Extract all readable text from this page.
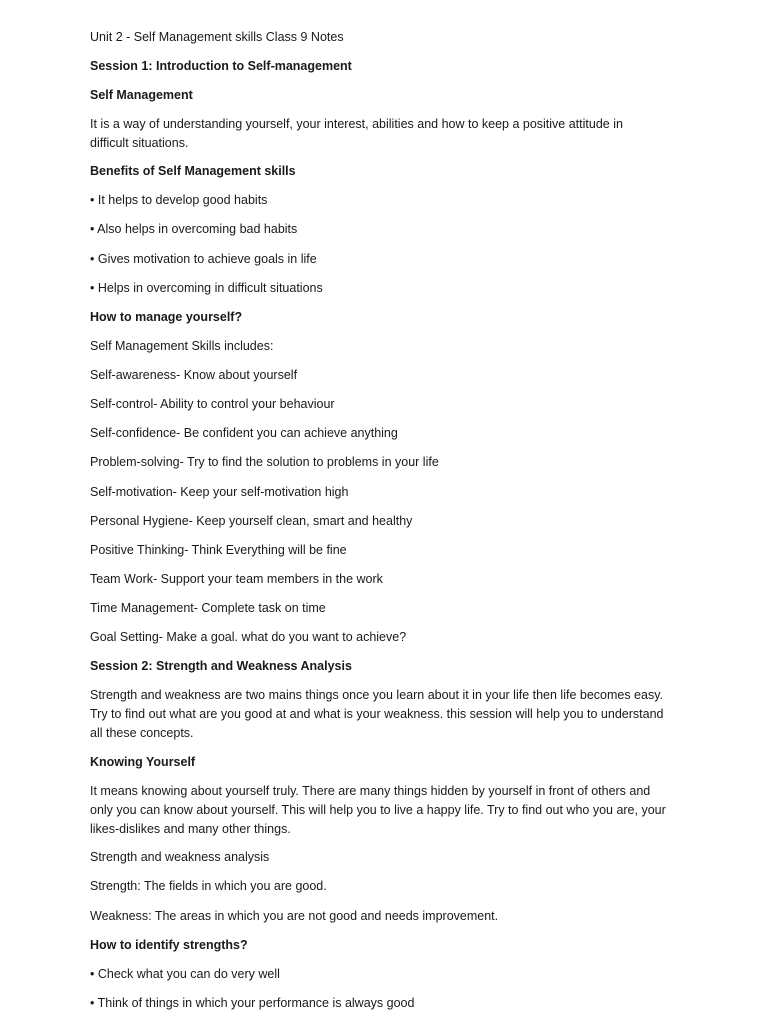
Unit 2 - Self Management skills Class 9 Notes

Session 1: Introduction to Self-management

Self Management

It is a way of understanding yourself, your interest, abilities and how to keep a positive attitude in
difficult situations.

Benefits of Self Management skills

• It helps to develop good habits

• Also helps in overcoming bad habits

• Gives motivation to achieve goals in life

• Helps in overcoming in difficult situations

How to manage yourself?

Self Management Skills includes:

Self-awareness- Know about yourself

Self-control- Ability to control your behaviour

Self-confidence- Be confident you can achieve anything

Problem-solving- Try to find the solution to problems in your life

Self-motivation- Keep your self-motivation high

Personal Hygiene- Keep yourself clean, smart and healthy

Positive Thinking- Think Everything will be fine

Team Work- Support your team members in the work

Time Management- Complete task on time

Goal Setting- Make a goal. what do you want to achieve?

Session 2: Strength and Weakness Analysis

Strength and weakness are two mains things once you learn about it in your life then life becomes easy.
Try to find out what are you good at and what is your weakness. this session will help you to understand
all these concepts.

Knowing Yourself

It means knowing about yourself truly. There are many things hidden by yourself in front of others and
only you can know about yourself. This will help you to live a happy life. Try to find out who you are, your
likes-dislikes and many other things.

Strength and weakness analysis

Strength: The fields in which you are good.

Weakness: The areas in which you are not good and needs improvement.

How to identify strengths?

• Check what you can do very well

• Think of things in which your performance is always good
